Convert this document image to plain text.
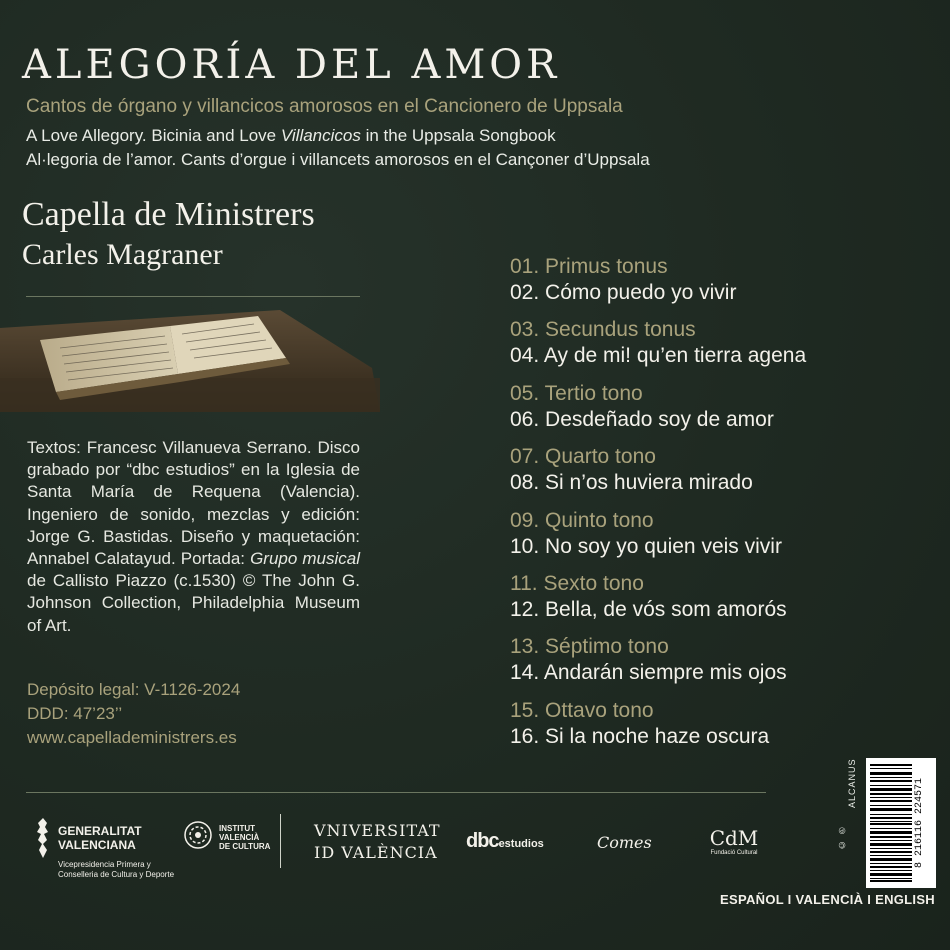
ALEGORÍA DEL AMOR
Cantos de órgano y villancicos amorosos en el Cancionero de Uppsala
A Love Allegory. Bicinia and Love Villancicos in the Uppsala Songbook
Al·legoria de l’amor. Cants d’orgue i villancets amorosos en el Cançoner d’Uppsala
Capella de Ministrers
Carles Magraner

Textos: Francesc Villanueva Serrano. Disco grabado por “dbc estudios” en la Iglesia de Santa María de Requena (Valencia). Ingeniero de sonido, mezclas y edición: Jorge G. Bastidas. Diseño y maquetación: Annabel Calatayud. Portada: Grupo musical de Callisto Piazzo (c.1530) © The John G. Johnson Collection, Philadelphia Museum of Art.

Depósito legal: V-1126-2024
DDD: 47’23’’
www.capelladeministrers.es
01. Primus tonus
02. Cómo puedo yo vivir
03. Secundus tonus
04. Ay de mi! qu’en tierra agena
05. Tertio tono
06. Desdeñado soy de amor
07. Quarto tono
08. Si n’os huviera mirado
09. Quinto tono
10. No soy yo quien veis vivir
11. Sexto tono
12. Bella, de vós som amorós
13. Séptimo tono
14. Andarán siempre mis ojos
15. Ottavo tono
16. Si la noche haze oscura
GENERALITAT
VALENCIANA
Vicepresidencia Primera y
Conselleria de Cultura y Deporte
INSTITUT
VALENCIÀ
DE CULTURA
VNIVERSITAT
ID VALÈNCIA
dbcestudios	Comes	CdM
Fundació Cultural
© ℗                    ALCANUS	8 216116 224571
ESPAÑOL I VALENCIÀ I ENGLISH
